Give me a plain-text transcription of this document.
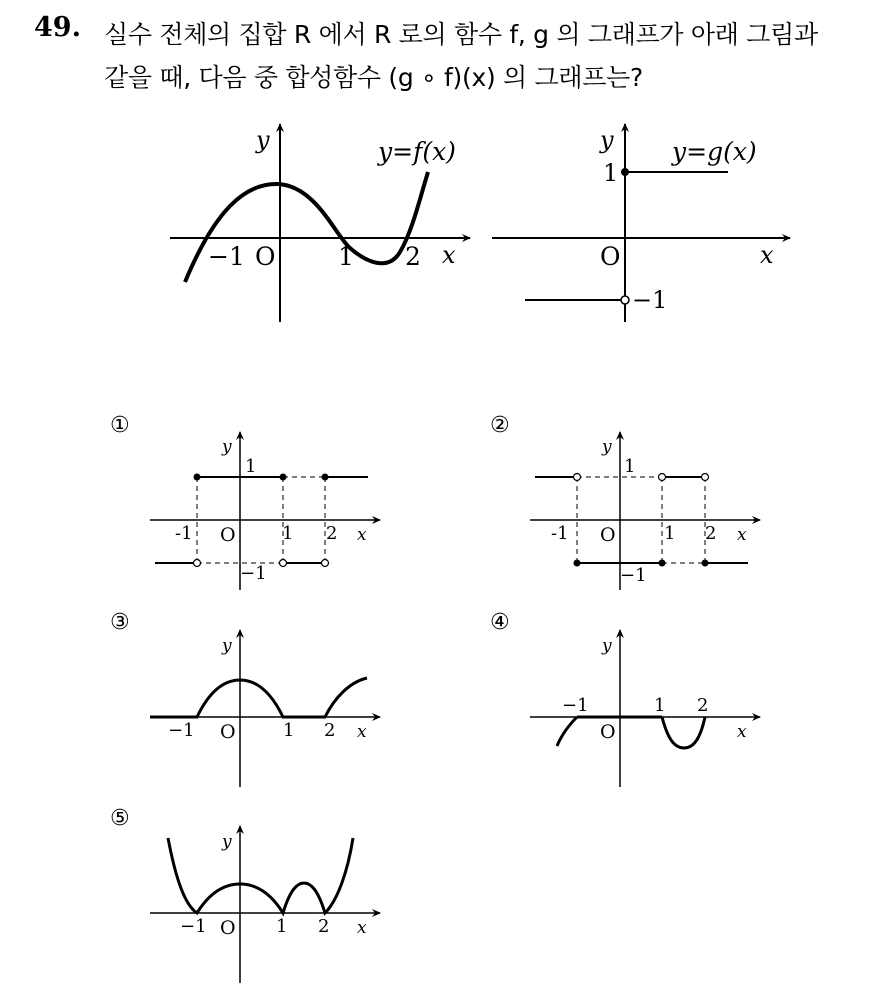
49. 실수 전체의 집합 R 에서 R 로의 함수 f, g 의 그래프가 아래 그림과
같을 때, 다음 중 합성함수 (g ∘ f)(x) 의 그래프는?
y
x
O
−1	1 2
y=f(x)	y
x
O
1
−1
y=g(x)
①
y
x
O
-1	1 2
1
−1
②
y
x
O
-1	1 2
1
−1
③
y
x
O
−1	1 2
④
y
x
O
−1	1 2
⑤
y
x
O
−1	1 2
